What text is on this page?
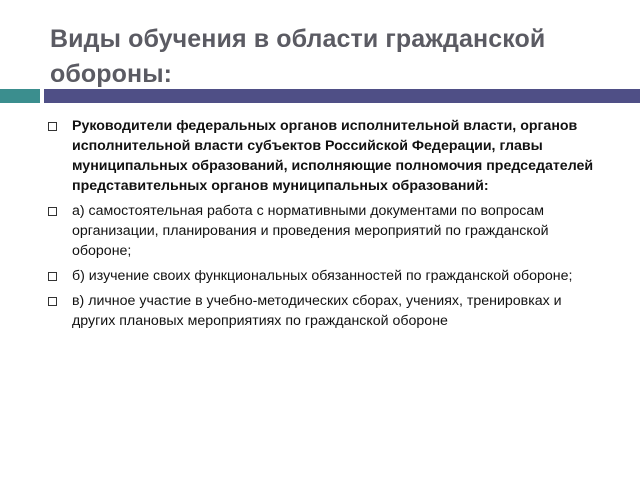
Виды обучения в области гражданской обороны:
Руководители федеральных органов исполнительной власти, органов исполнительной власти субъектов Российской Федерации, главы муниципальных образований, исполняющие полномочия председателей представительных органов муниципальных образований:
а) самостоятельная работа с нормативными документами по вопросам организации, планирования и проведения мероприятий по гражданской обороне;
б) изучение своих функциональных обязанностей по гражданской обороне;
в) личное участие в учебно-методических сборах, учениях, тренировках и других плановых мероприятиях по гражданской обороне
